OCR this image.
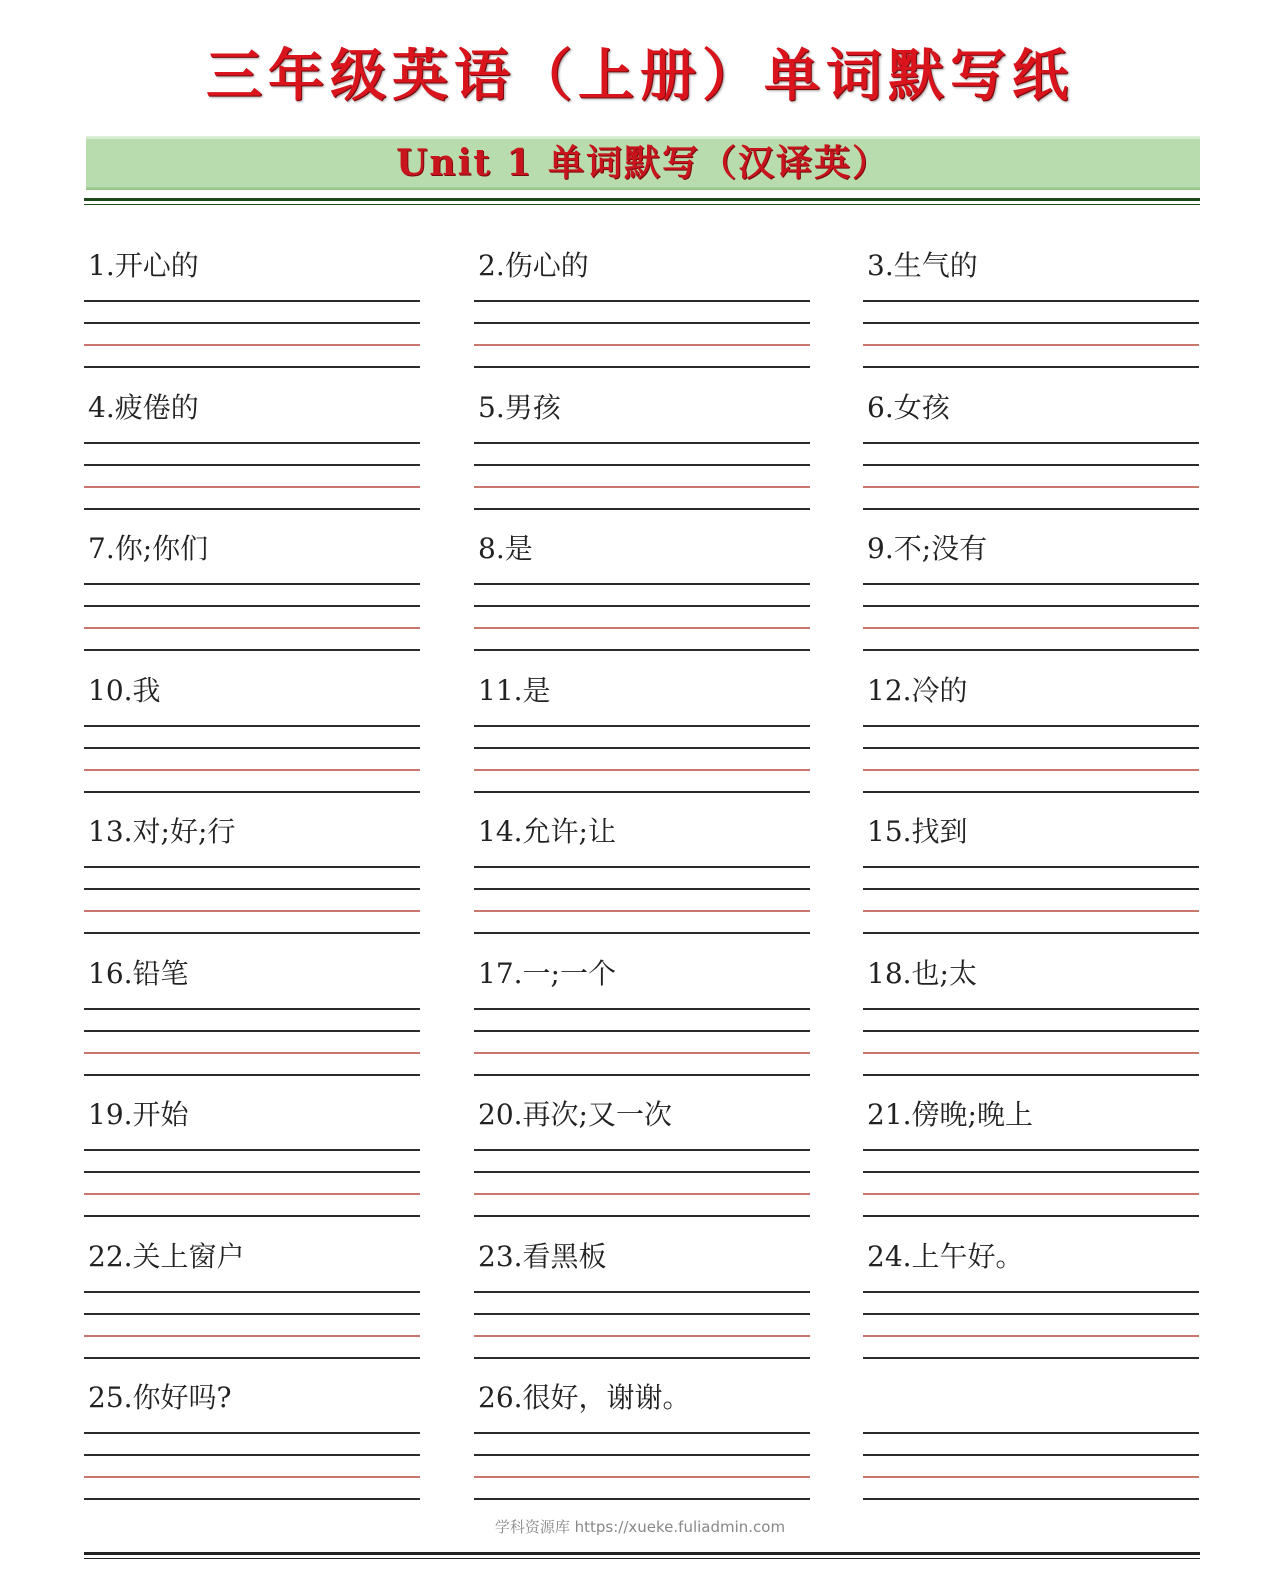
三年级英语（上册）单词默写纸
Unit 1 单词默写（汉译英）
1.开心的	2.伤心的	3.生气的
4.疲倦的	5.男孩	6.女孩
7.你;你们	8.是	9.不;没有
10.我	11.是	12.冷的
13.对;好;行	14.允许;让	15.找到
16.铅笔	17.一;一个	18.也;太
19.开始	20.再次;又一次	21.傍晚;晚上
22.关上窗户	23.看黑板	24.上午好。
25.你好吗?	26.很好，谢谢。
学科资源库 https://xueke.fuliadmin.com
